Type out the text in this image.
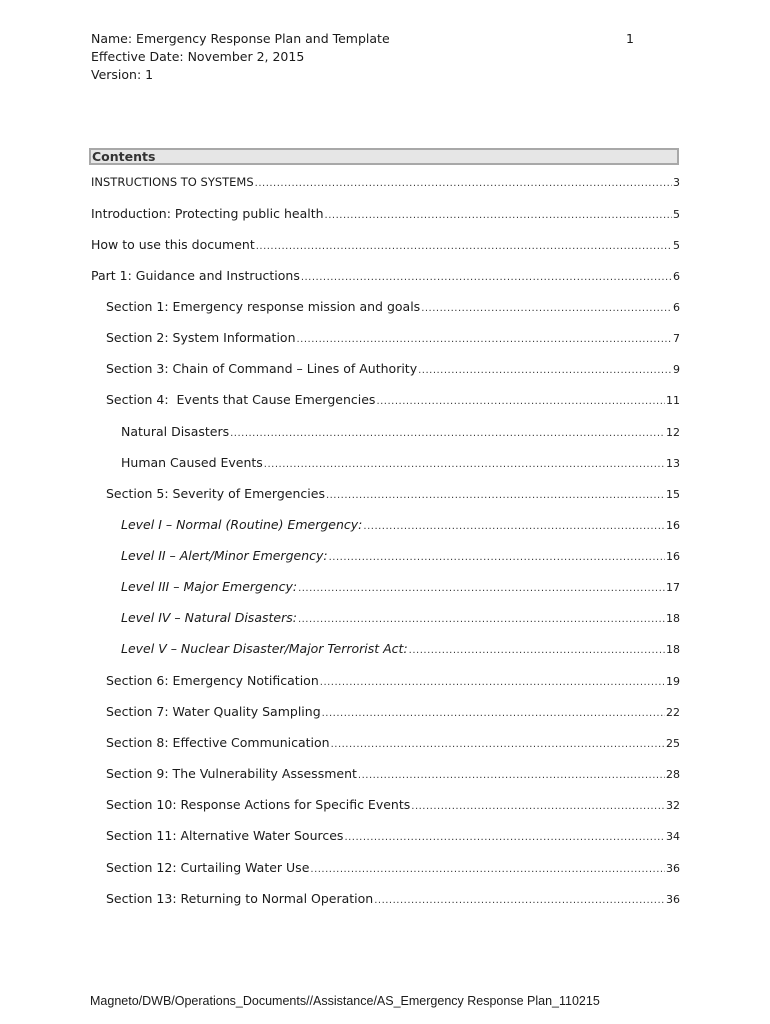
Name: Emergency Response Plan and Template
Effective Date: November 2, 2015
Version: 1
1
Contents
INSTRUCTIONS TO SYSTEMS .....	3
Introduction: Protecting public health .....	5
How to use this document .....	5
Part 1: Guidance and Instructions .....	6
Section 1: Emergency response mission and goals .....	6
Section 2: System Information .....	7
Section 3: Chain of Command – Lines of Authority .....	9
Section 4:  Events that Cause Emergencies .....	11
Natural Disasters .....	12
Human Caused Events .....	13
Section 5: Severity of Emergencies .....	15
Level I – Normal (Routine) Emergency: .....	16
Level II – Alert/Minor Emergency: .....	16
Level III – Major Emergency: .....	17
Level IV – Natural Disasters: .....	18
Level V – Nuclear Disaster/Major Terrorist Act: .....	18
Section 6: Emergency Notification .....	19
Section 7: Water Quality Sampling .....	22
Section 8: Effective Communication .....	25
Section 9: The Vulnerability Assessment .....	28
Section 10: Response Actions for Specific Events .....	32
Section 11: Alternative Water Sources .....	34
Section 12: Curtailing Water Use .....	36
Section 13: Returning to Normal Operation .....	36
Magneto/DWB/Operations_Documents//Assistance/AS_Emergency Response Plan_110215
